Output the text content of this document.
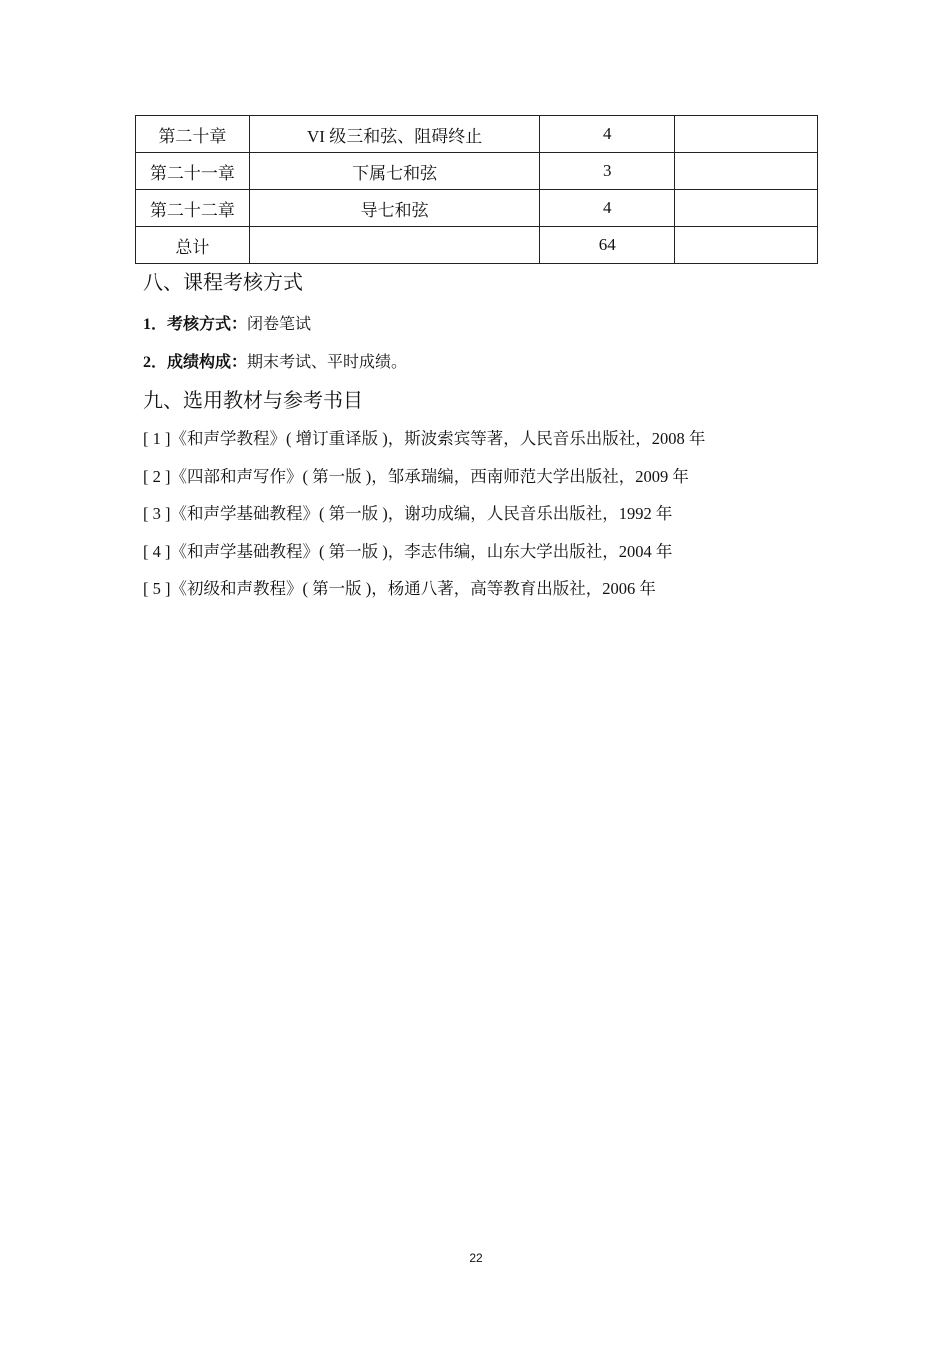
第二十章	VI 级三和弦、阻碍终止	4	
第二十一章	下属七和弦	3	
第二十二章	导七和弦	4	
总计		64	
八、课程考核方式
1．考核方式：闭卷笔试
2．成绩构成：期末考试、平时成绩。
九、选用教材与参考书目
[ 1 ]《和声学教程》( 增订重译版 )，斯波索宾等著，人民音乐出版社，2008 年
[ 2 ]《四部和声写作》( 第一版 )，邹承瑞编，西南师范大学出版社，2009 年
[ 3 ]《和声学基础教程》( 第一版 )，谢功成编，人民音乐出版社，1992 年
[ 4 ]《和声学基础教程》( 第一版 )，李志伟编，山东大学出版社，2004 年
[ 5 ]《初级和声教程》( 第一版 )，杨通八著，高等教育出版社，2006 年
22
